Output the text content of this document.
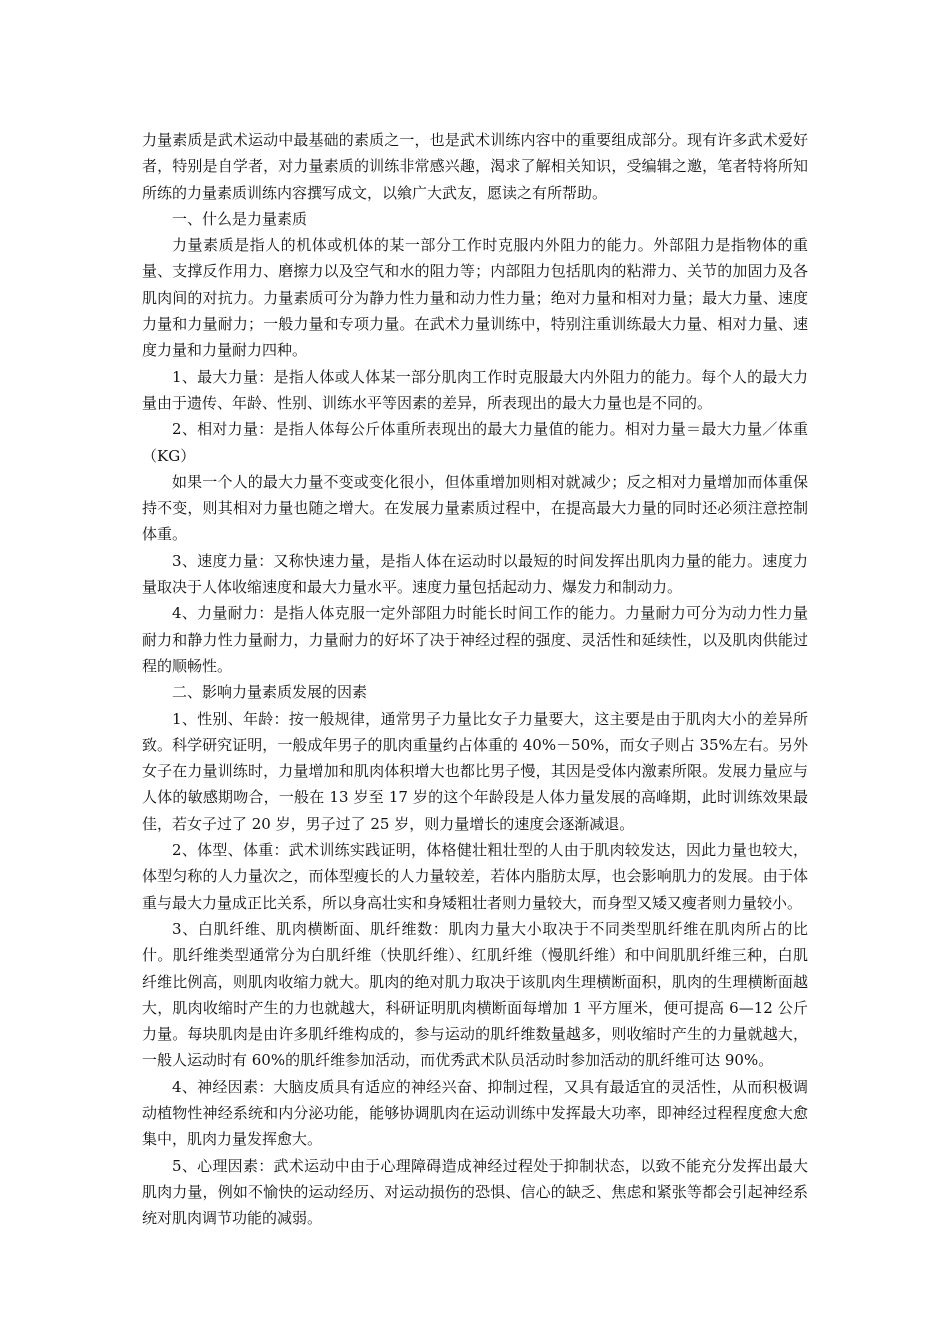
力量素质是武术运动中最基础的素质之一，也是武术训练内容中的重要组成部分。现有许多武术爱好者，特别是自学者，对力量素质的训练非常感兴趣，渴求了解相关知识，受编辑之邀，笔者特将所知所练的力量素质训练内容撰写成文，以飨广大武友，愿读之有所帮助。

一、什么是力量素质

力量素质是指人的机体或机体的某一部分工作时克服内外阻力的能力。外部阻力是指物体的重量、支撑反作用力、磨擦力以及空气和水的阻力等；内部阻力包括肌肉的粘滞力、关节的加固力及各肌肉间的对抗力。力量素质可分为静力性力量和动力性力量；绝对力量和相对力量；最大力量、速度力量和力量耐力；一般力量和专项力量。在武术力量训练中，特别注重训练最大力量、相对力量、速度力量和力量耐力四种。

1、最大力量：是指人体或人体某一部分肌肉工作时克服最大内外阻力的能力。每个人的最大力量由于遗传、年龄、性别、训练水平等因素的差异，所表现出的最大力量也是不同的。

2、相对力量：是指人体每公斤体重所表现出的最大力量值的能力。相对力量＝最大力量／体重（KG）

如果一个人的最大力量不变或变化很小，但体重增加则相对就减少；反之相对力量增加而体重保持不变，则其相对力量也随之增大。在发展力量素质过程中，在提高最大力量的同时还必须注意控制体重。

3、速度力量：又称快速力量，是指人体在运动时以最短的时间发挥出肌肉力量的能力。速度力量取决于人体收缩速度和最大力量水平。速度力量包括起动力、爆发力和制动力。

4、力量耐力：是指人体克服一定外部阻力时能长时间工作的能力。力量耐力可分为动力性力量耐力和静力性力量耐力，力量耐力的好坏了决于神经过程的强度、灵活性和延续性，以及肌肉供能过程的顺畅性。

二、影响力量素质发展的因素

1、性别、年龄：按一般规律，通常男子力量比女子力量要大，这主要是由于肌肉大小的差异所致。科学研究证明，一般成年男子的肌肉重量约占体重的 40%－50%，而女子则占 35%左右。另外女子在力量训练时，力量增加和肌肉体积增大也都比男子慢，其因是受体内激素所限。发展力量应与人体的敏感期吻合，一般在 13 岁至 17 岁的这个年龄段是人体力量发展的高峰期，此时训练效果最佳，若女子过了 20 岁，男子过了 25 岁，则力量增长的速度会逐渐减退。

2、体型、体重：武术训练实践证明，体格健壮粗壮型的人由于肌肉较发达，因此力量也较大，体型匀称的人力量次之，而体型瘦长的人力量较差，若体内脂肪太厚，也会影响肌力的发展。由于体重与最大力量成正比关系，所以身高壮实和身矮粗壮者则力量较大，而身型又矮又瘦者则力量较小。

3、白肌纤维、肌肉横断面、肌纤维数：肌肉力量大小取决于不同类型肌纤维在肌肉所占的比什。肌纤维类型通常分为白肌纤维（快肌纤维）、红肌纤维（慢肌纤维）和中间肌肌纤维三种，白肌纤维比例高，则肌肉收缩力就大。肌肉的绝对肌力取决于该肌肉生理横断面积，肌肉的生理横断面越大，肌肉收缩时产生的力也就越大，科研证明肌肉横断面每增加 1 平方厘米，便可提高 6—12 公斤力量。每块肌肉是由许多肌纤维构成的，参与运动的肌纤维数量越多，则收缩时产生的力量就越大，一般人运动时有 60%的肌纤维参加活动，而优秀武术队员活动时参加活动的肌纤维可达 90%。

4、神经因素：大脑皮质具有适应的神经兴奋、抑制过程，又具有最适宜的灵活性，从而积极调动植物性神经系统和内分泌功能，能够协调肌肉在运动训练中发挥最大功率，即神经过程程度愈大愈集中，肌肉力量发挥愈大。

5、心理因素：武术运动中由于心理障碍造成神经过程处于抑制状态，以致不能充分发挥出最大肌肉力量，例如不愉快的运动经历、对运动损伤的恐惧、信心的缺乏、焦虑和紧张等都会引起神经系统对肌肉调节功能的减弱。
